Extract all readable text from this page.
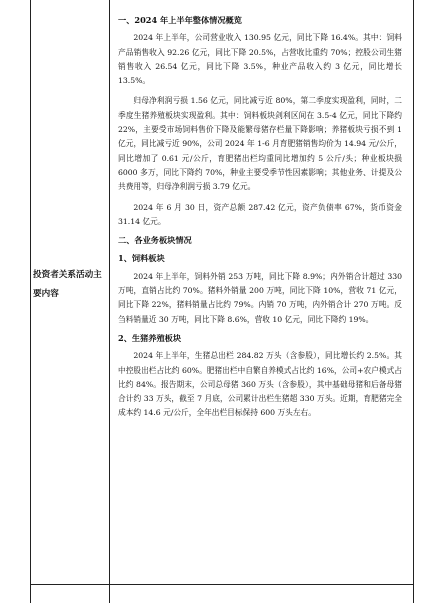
投资者关系活动主要内容
一、2024 年上半年整体情况概览

2024 年上半年，公司营业收入 130.95 亿元，同比下降 16.4%。其中：饲料产品销售收入 92.26 亿元，同比下降 20.5%，占营收比重约 70%；控股公司生猪销售收入 26.54 亿元，同比下降 3.5%，种业产品收入约 3 亿元，同比增长 13.5%。

归母净利润亏损 1.56 亿元，同比减亏近 80%，第二季度实现盈利，同时，二季度生猪养殖板块实现盈利。其中：饲料板块剑利区间在 3.5-4 亿元，同比下降约 22%，主要受市场饲料售价下降及能繁母猪存栏量下降影响；养猪板块亏损不到 1 亿元，同比减亏近 90%，公司 2024 年 1-6 月育肥猪销售均价为 14.94 元/公斤，同比增加了 0.61 元/公斤，育肥猪出栏均重同比增加约 5 公斤/头；种业板块损 6000 多万，同比下降约 70%，种业主要受季节性因素影响；其他业务、计提及公共费用等，归母净利润亏损 3.79 亿元。

2024 年 6 月 30 日，资产总额 287.42 亿元，资产负债率 67%，货币资金 31.14 亿元。

二、各业务板块情况
1、饲料板块

2024 年上半年，饲料外销 253 万吨，同比下降 8.9%；内外销合计超过 330 万吨，直销占比约 70%。猪料外销量 200 万吨，同比下降 10%，营收 71 亿元，同比下降 22%，猪料销量占比约 79%。内销 70 万吨，内外销合计 270 万吨。反刍料销量近 30 万吨，同比下降 8.6%，营收 10 亿元，同比下降约 19%。

2、生猪养殖板块

2024 年上半年，生猪总出栏 284.82 万头（含参股），同比增长约 2.5%。其中控股出栏占比约 60%。肥猪出栏中自繁自养模式占比约 16%，公司+农户模式占比约 84%。报告期末，公司总母猪 360 万头（含参股），其中基础母猪和后备母猪合计约 33 万头，截至 7 月底，公司累计出栏生猪超 330 万头。近期，育肥猪完全成本约 14.6 元/公斤，全年出栏目标保持 600 万头左右。
